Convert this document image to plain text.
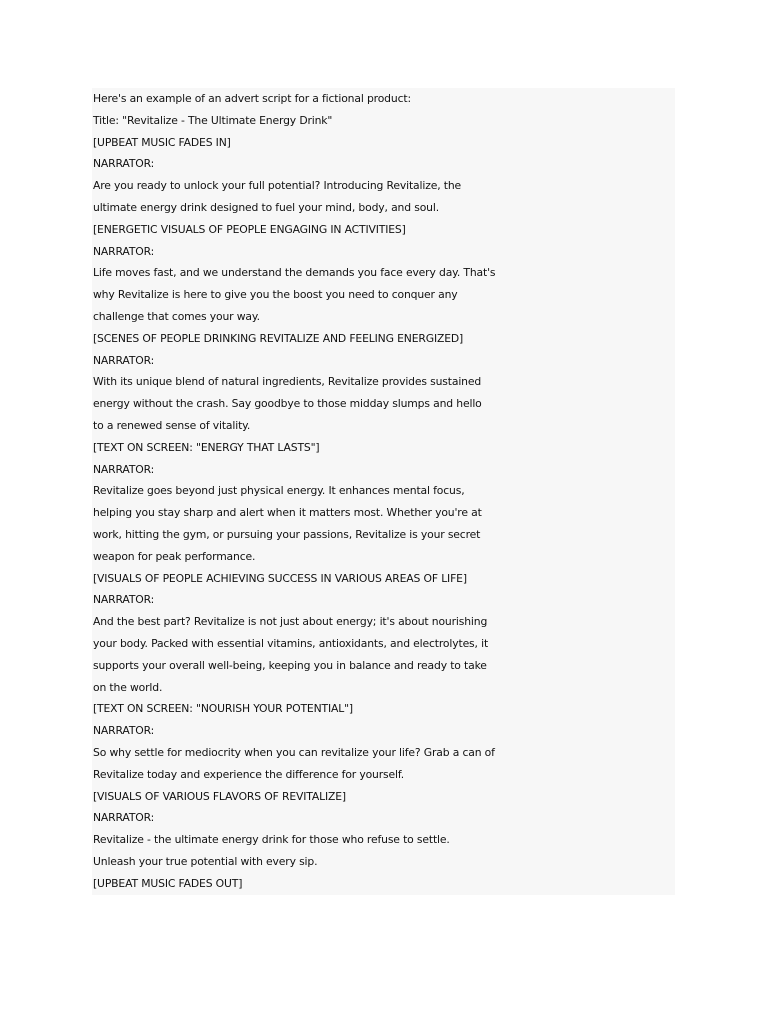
Here's an example of an advert script for a fictional product:

Title: "Revitalize - The Ultimate Energy Drink"

[UPBEAT MUSIC FADES IN]

NARRATOR:

Are you ready to unlock your full potential? Introducing Revitalize, the

ultimate energy drink designed to fuel your mind, body, and soul.

[ENERGETIC VISUALS OF PEOPLE ENGAGING IN ACTIVITIES]

NARRATOR:

Life moves fast, and we understand the demands you face every day. That's

why Revitalize is here to give you the boost you need to conquer any

challenge that comes your way.

[SCENES OF PEOPLE DRINKING REVITALIZE AND FEELING ENERGIZED]

NARRATOR:

With its unique blend of natural ingredients, Revitalize provides sustained

energy without the crash. Say goodbye to those midday slumps and hello

to a renewed sense of vitality.

[TEXT ON SCREEN: "ENERGY THAT LASTS"]

NARRATOR:

Revitalize goes beyond just physical energy. It enhances mental focus,

helping you stay sharp and alert when it matters most. Whether you're at

work, hitting the gym, or pursuing your passions, Revitalize is your secret

weapon for peak performance.

[VISUALS OF PEOPLE ACHIEVING SUCCESS IN VARIOUS AREAS OF LIFE]

NARRATOR:

And the best part? Revitalize is not just about energy; it's about nourishing

your body. Packed with essential vitamins, antioxidants, and electrolytes, it

supports your overall well-being, keeping you in balance and ready to take

on the world.

[TEXT ON SCREEN: "NOURISH YOUR POTENTIAL"]

NARRATOR:

So why settle for mediocrity when you can revitalize your life? Grab a can of

Revitalize today and experience the difference for yourself.

[VISUALS OF VARIOUS FLAVORS OF REVITALIZE]

NARRATOR:

Revitalize - the ultimate energy drink for those who refuse to settle.

Unleash your true potential with every sip.

[UPBEAT MUSIC FADES OUT]
